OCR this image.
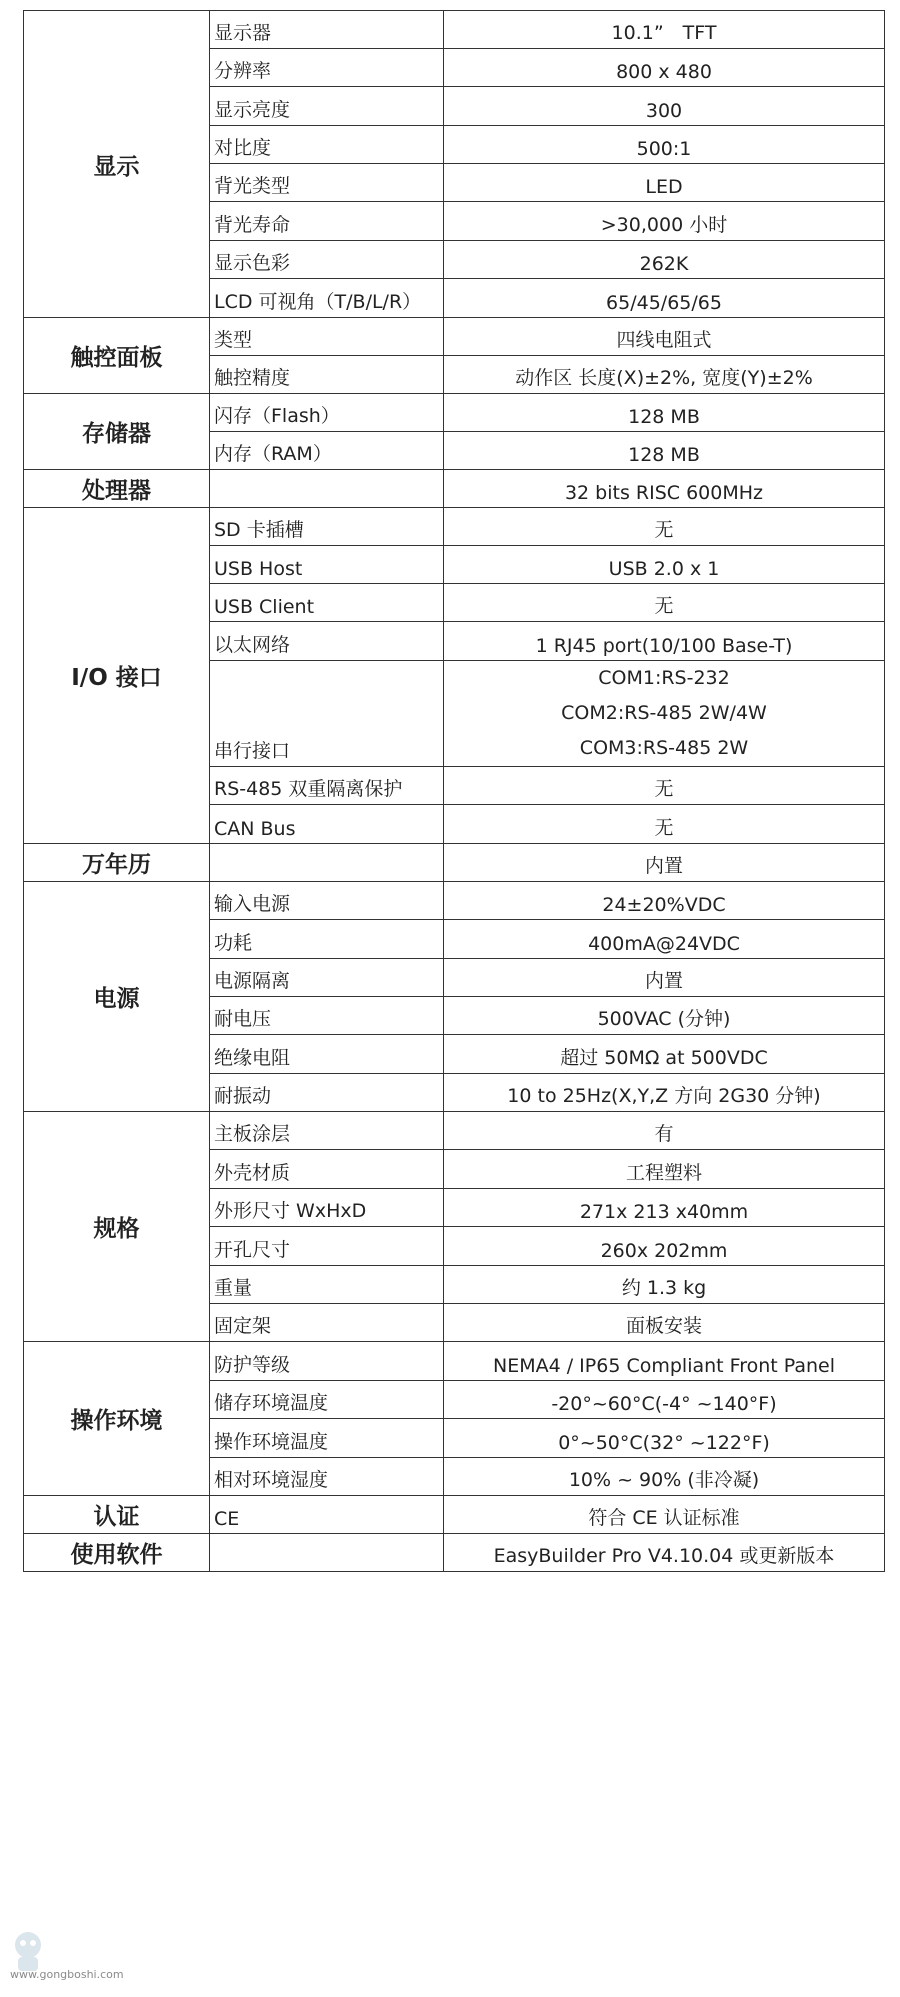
显示	显示器	10.1”　TFT
	分辨率	800 x 480
	显示亮度	300
	对比度	500:1
	背光类型	LED
	背光寿命	>30,000 小时
	显示色彩	262K
	LCD 可视角（T/B/L/R）	65/45/65/65
触控面板	类型	四线电阻式
	触控精度	动作区 长度(X)±2%, 宽度(Y)±2%
存储器	闪存（Flash）	128 MB
	内存（RAM）	128 MB
处理器		32 bits RISC 600MHz
I/O 接口	SD 卡插槽	无
	USB Host	USB 2.0 x 1
	USB Client	无
	以太网络	1 RJ45 port(10/100 Base-T)
	串行接口	COM1:RS-232
COM2:RS-485 2W/4W
COM3:RS-485 2W

	RS-485 双重隔离保护	无
	CAN Bus	无
万年历		内置
电源	输入电源	24±20%VDC
	功耗	400mA@24VDC
	电源隔离	内置
	耐电压	500VAC (分钟)
	绝缘电阻	超过 50MΩ at 500VDC
	耐振动	10 to 25Hz(X,Y,Z 方向 2G30 分钟)
规格	主板涂层	有
	外壳材质	工程塑料
	外形尺寸 WxHxD	271x 213 x40mm
	开孔尺寸	260x 202mm
	重量	约 1.3 kg
	固定架	面板安装
操作环境	防护等级	NEMA4 / IP65 Compliant Front Panel
	储存环境温度	-20°~60°C(-4° ~140°F)
	操作环境温度	0°~50°C(32° ~122°F)
	相对环境湿度	10% ~ 90% (非冷凝)
认证	CE	符合 CE 认证标准
使用软件		EasyBuilder Pro V4.10.04 或更新版本
www.gongboshi.com
